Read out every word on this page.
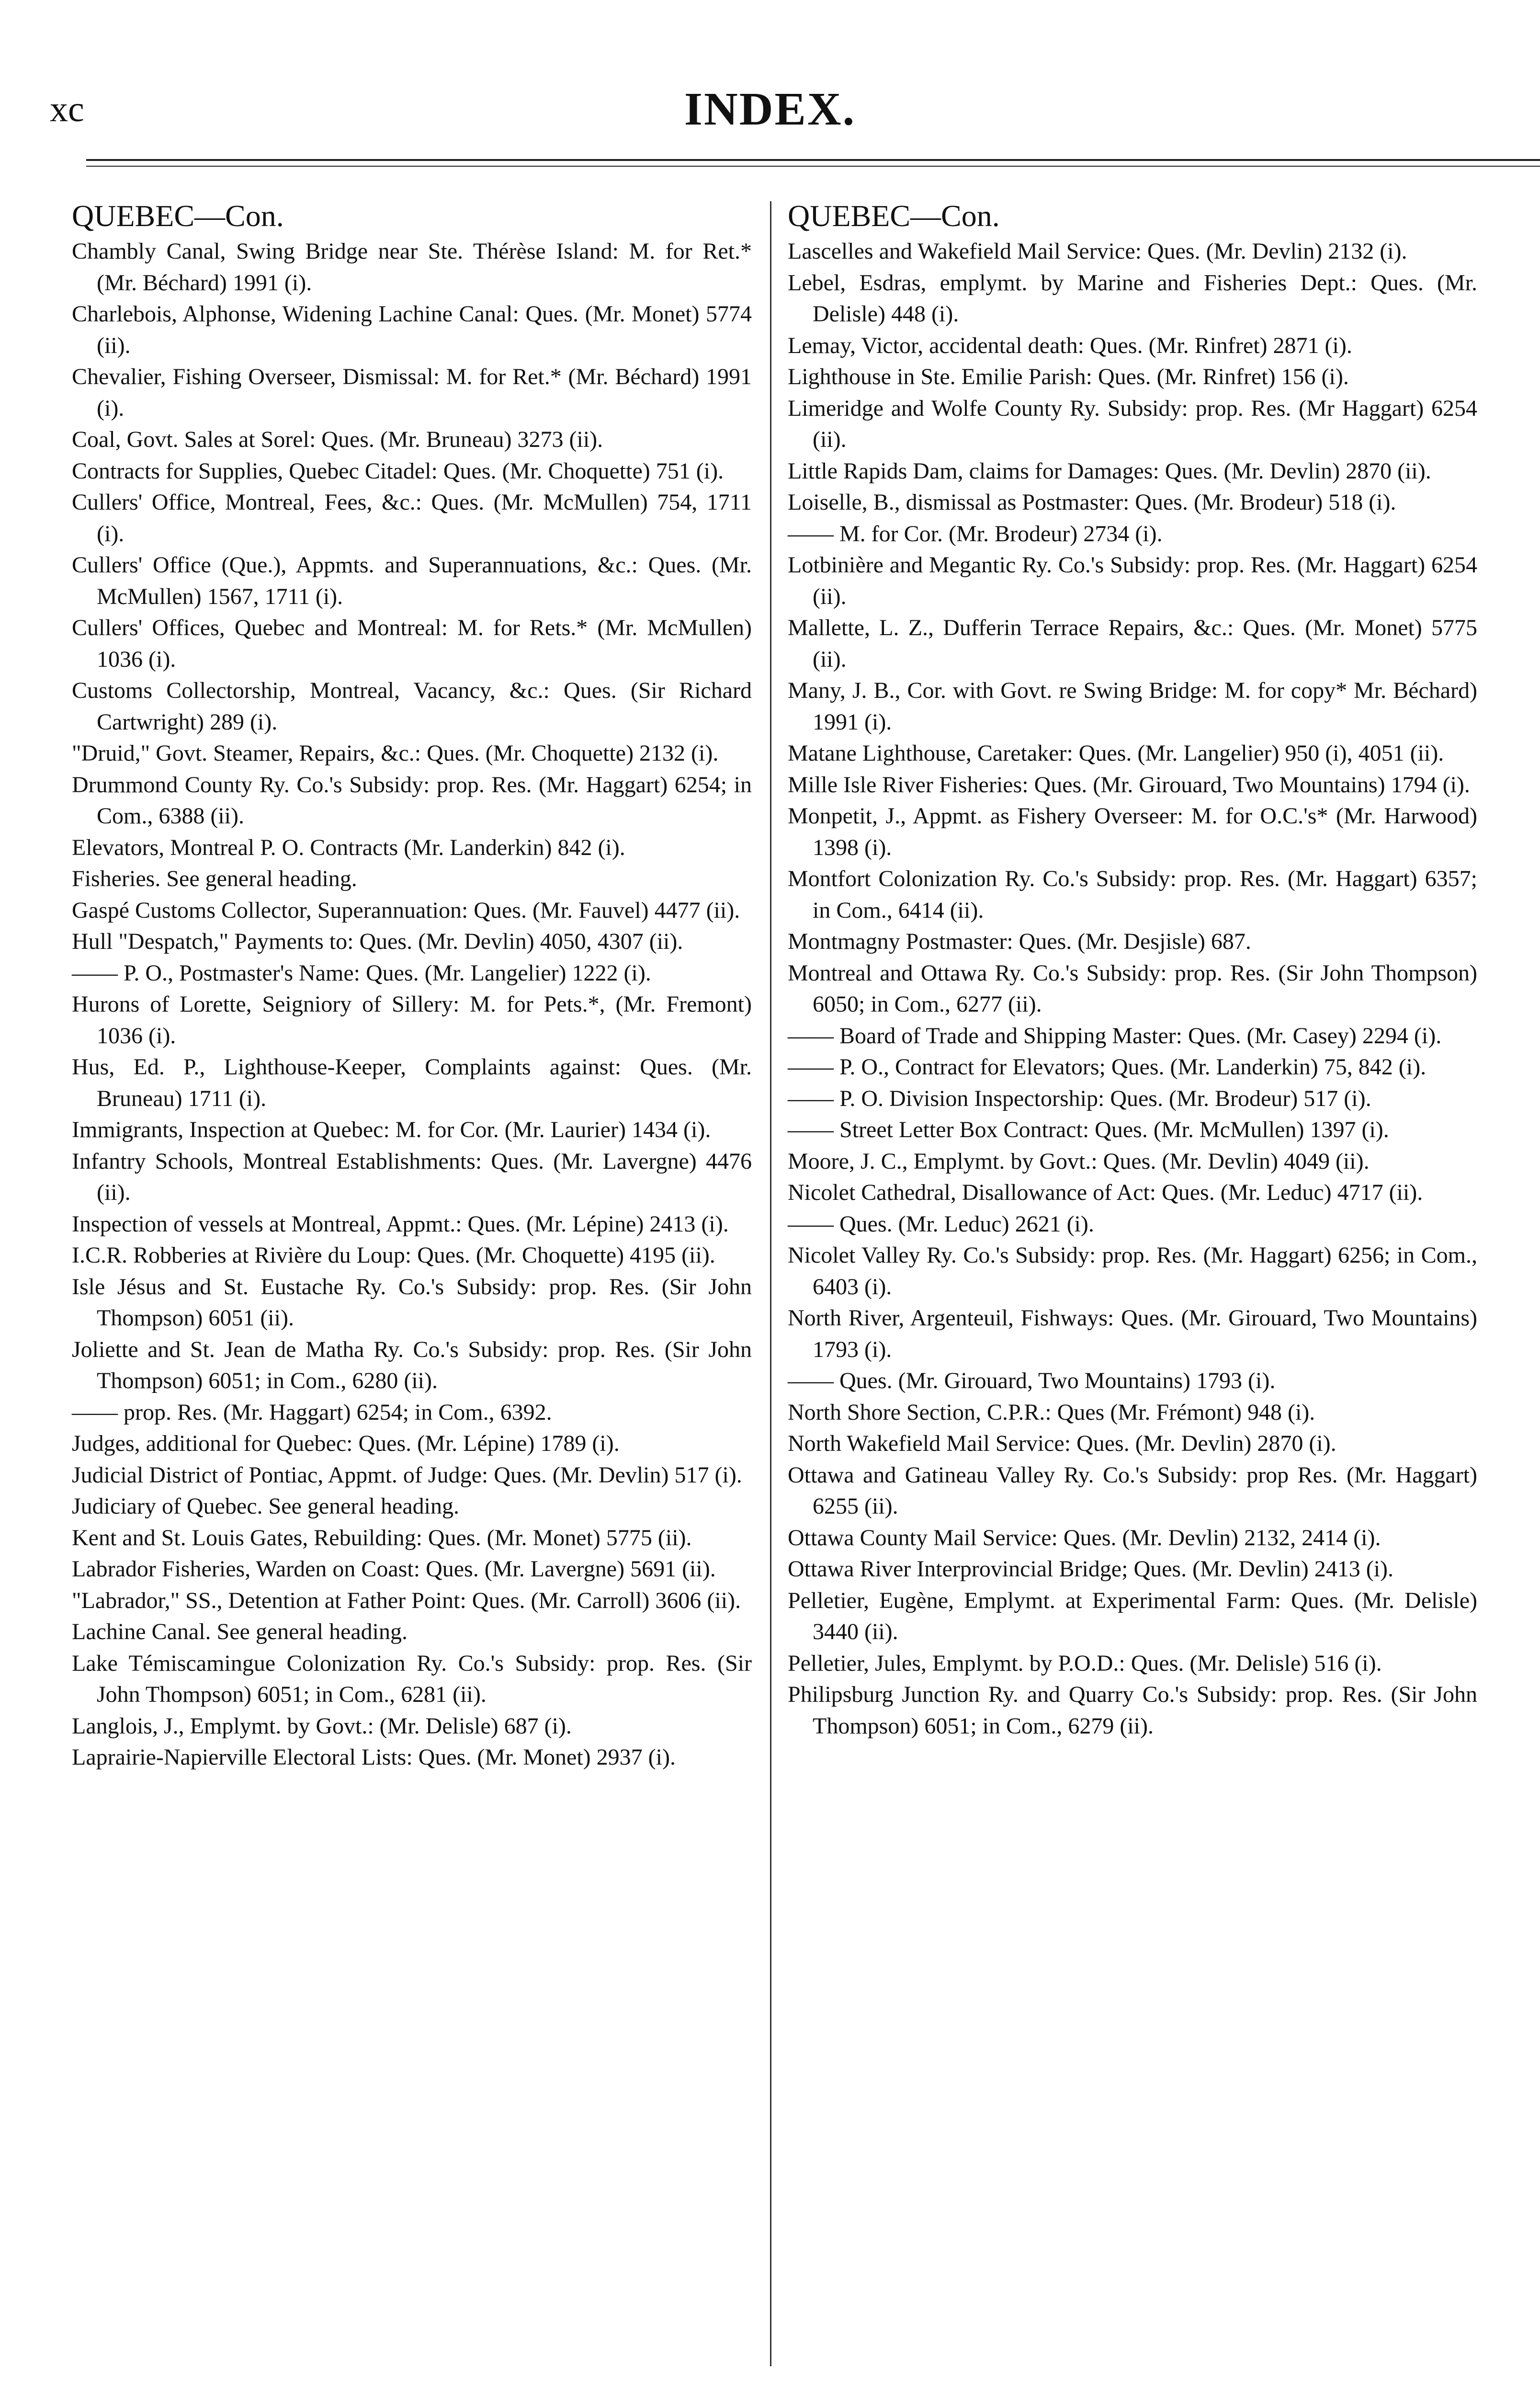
xc	INDEX.
QUEBEC—Con.
Chambly Canal, Swing Bridge near Ste. Thérèse Island: M. for Ret.* (Mr. Béchard) 1991 (i).
Charlebois, Alphonse, Widening Lachine Canal: Ques. (Mr. Monet) 5774 (ii).
Chevalier, Fishing Overseer, Dismissal: M. for Ret.* (Mr. Béchard) 1991 (i).
Coal, Govt. Sales at Sorel: Ques. (Mr. Bruneau) 3273 (ii).
Contracts for Supplies, Quebec Citadel: Ques. (Mr. Choquette) 751 (i).
Cullers' Office, Montreal, Fees, &c.: Ques. (Mr. McMullen) 754, 1711 (i).
Cullers' Office (Que.), Appmts. and Superannuations, &c.: Ques. (Mr. McMullen) 1567, 1711 (i).
Cullers' Offices, Quebec and Montreal: M. for Rets.* (Mr. McMullen) 1036 (i).
Customs Collectorship, Montreal, Vacancy, &c.: Ques. (Sir Richard Cartwright) 289 (i).
"Druid," Govt. Steamer, Repairs, &c.: Ques. (Mr. Choquette) 2132 (i).
Drummond County Ry. Co.'s Subsidy: prop. Res. (Mr. Haggart) 6254; in Com., 6388 (ii).
Elevators, Montreal P. O. Contracts (Mr. Landerkin) 842 (i).
Fisheries. See general heading.
Gaspé Customs Collector, Superannuation: Ques. (Mr. Fauvel) 4477 (ii).
Hull "Despatch," Payments to: Ques. (Mr. Devlin) 4050, 4307 (ii).
—— P. O., Postmaster's Name: Ques. (Mr. Langelier) 1222 (i).
Hurons of Lorette, Seigniory of Sillery: M. for Pets.*, (Mr. Fremont) 1036 (i).
Hus, Ed. P., Lighthouse-Keeper, Complaints against: Ques. (Mr. Bruneau) 1711 (i).
Immigrants, Inspection at Quebec: M. for Cor. (Mr. Laurier) 1434 (i).
Infantry Schools, Montreal Establishments: Ques. (Mr. Lavergne) 4476 (ii).
Inspection of vessels at Montreal, Appmt.: Ques. (Mr. Lépine) 2413 (i).
I.C.R. Robberies at Rivière du Loup: Ques. (Mr. Choquette) 4195 (ii).
Isle Jésus and St. Eustache Ry. Co.'s Subsidy: prop. Res. (Sir John Thompson) 6051 (ii).
Joliette and St. Jean de Matha Ry. Co.'s Subsidy: prop. Res. (Sir John Thompson) 6051; in Com., 6280 (ii).
—— prop. Res. (Mr. Haggart) 6254; in Com., 6392.
Judges, additional for Quebec: Ques. (Mr. Lépine) 1789 (i).
Judicial District of Pontiac, Appmt. of Judge: Ques. (Mr. Devlin) 517 (i).
Judiciary of Quebec. See general heading.
Kent and St. Louis Gates, Rebuilding: Ques. (Mr. Monet) 5775 (ii).
Labrador Fisheries, Warden on Coast: Ques. (Mr. Lavergne) 5691 (ii).
"Labrador," SS., Detention at Father Point: Ques. (Mr. Carroll) 3606 (ii).
Lachine Canal. See general heading.
Lake Témiscamingue Colonization Ry. Co.'s Subsidy: prop. Res. (Sir John Thompson) 6051; in Com., 6281 (ii).
Langlois, J., Emplymt. by Govt.: (Mr. Delisle) 687 (i).
Laprairie-Napierville Electoral Lists: Ques. (Mr. Monet) 2937 (i).
QUEBEC—Con.
Lascelles and Wakefield Mail Service: Ques. (Mr. Devlin) 2132 (i).
Lebel, Esdras, emplymt. by Marine and Fisheries Dept.: Ques. (Mr. Delisle) 448 (i).
Lemay, Victor, accidental death: Ques. (Mr. Rinfret) 2871 (i).
Lighthouse in Ste. Emilie Parish: Ques. (Mr. Rinfret) 156 (i).
Limeridge and Wolfe County Ry. Subsidy: prop. Res. (Mr Haggart) 6254 (ii).
Little Rapids Dam, claims for Damages: Ques. (Mr. Devlin) 2870 (ii).
Loiselle, B., dismissal as Postmaster: Ques. (Mr. Brodeur) 518 (i).
—— M. for Cor. (Mr. Brodeur) 2734 (i).
Lotbinière and Megantic Ry. Co.'s Subsidy: prop. Res. (Mr. Haggart) 6254 (ii).
Mallette, L. Z., Dufferin Terrace Repairs, &c.: Ques. (Mr. Monet) 5775 (ii).
Many, J. B., Cor. with Govt. re Swing Bridge: M. for copy* Mr. Béchard) 1991 (i).
Matane Lighthouse, Caretaker: Ques. (Mr. Langelier) 950 (i), 4051 (ii).
Mille Isle River Fisheries: Ques. (Mr. Girouard, Two Mountains) 1794 (i).
Monpetit, J., Appmt. as Fishery Overseer: M. for O.C.'s* (Mr. Harwood) 1398 (i).
Montfort Colonization Ry. Co.'s Subsidy: prop. Res. (Mr. Haggart) 6357; in Com., 6414 (ii).
Montmagny Postmaster: Ques. (Mr. Desjisle) 687.
Montreal and Ottawa Ry. Co.'s Subsidy: prop. Res. (Sir John Thompson) 6050; in Com., 6277 (ii).
—— Board of Trade and Shipping Master: Ques. (Mr. Casey) 2294 (i).
—— P. O., Contract for Elevators; Ques. (Mr. Landerkin) 75, 842 (i).
—— P. O. Division Inspectorship: Ques. (Mr. Brodeur) 517 (i).
—— Street Letter Box Contract: Ques. (Mr. McMullen) 1397 (i).
Moore, J. C., Emplymt. by Govt.: Ques. (Mr. Devlin) 4049 (ii).
Nicolet Cathedral, Disallowance of Act: Ques. (Mr. Leduc) 4717 (ii).
—— Ques. (Mr. Leduc) 2621 (i).
Nicolet Valley Ry. Co.'s Subsidy: prop. Res. (Mr. Haggart) 6256; in Com., 6403 (i).
North River, Argenteuil, Fishways: Ques. (Mr. Girouard, Two Mountains) 1793 (i).
—— Ques. (Mr. Girouard, Two Mountains) 1793 (i).
North Shore Section, C.P.R.: Ques (Mr. Frémont) 948 (i).
North Wakefield Mail Service: Ques. (Mr. Devlin) 2870 (i).
Ottawa and Gatineau Valley Ry. Co.'s Subsidy: prop Res. (Mr. Haggart) 6255 (ii).
Ottawa County Mail Service: Ques. (Mr. Devlin) 2132, 2414 (i).
Ottawa River Interprovincial Bridge; Ques. (Mr. Devlin) 2413 (i).
Pelletier, Eugène, Emplymt. at Experimental Farm: Ques. (Mr. Delisle) 3440 (ii).
Pelletier, Jules, Emplymt. by P.O.D.: Ques. (Mr. Delisle) 516 (i).
Philipsburg Junction Ry. and Quarry Co.'s Subsidy: prop. Res. (Sir John Thompson) 6051; in Com., 6279 (ii).
